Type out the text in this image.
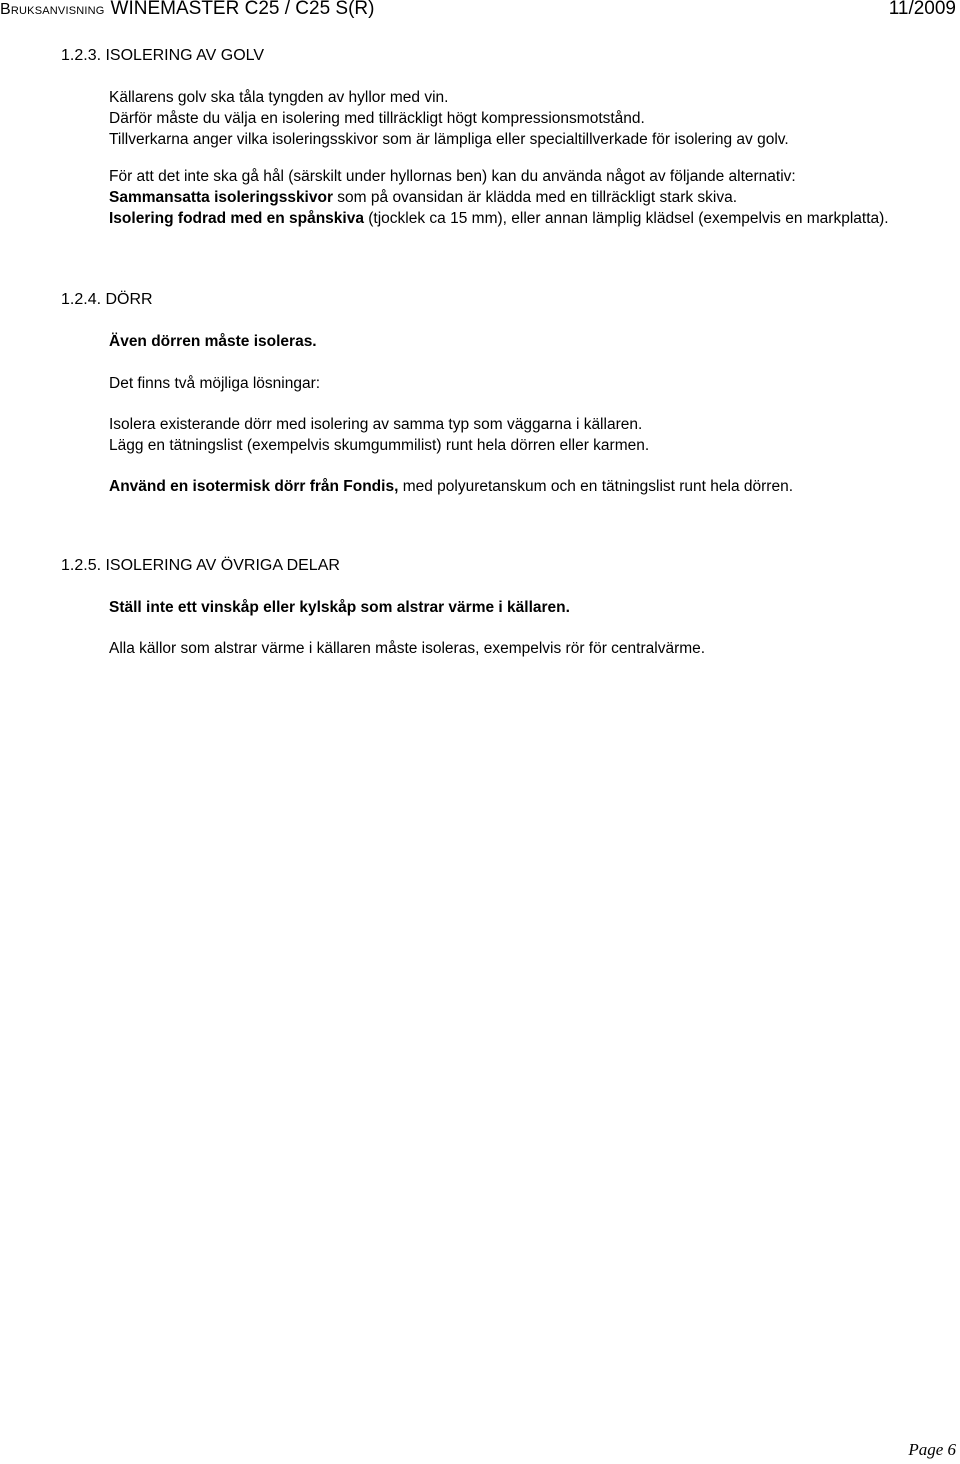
Bruksanvisning WINEMASTER C25 / C25 S(R)	11/2009
1.2.3. ISOLERING AV GOLV
Källarens golv ska tåla tyngden av hyllor med vin.
Därför måste du välja en isolering med tillräckligt högt kompressionsmotstånd.
Tillverkarna anger vilka isoleringsskivor som är lämpliga eller specialtillverkade för isolering av golv.
För att det inte ska gå hål (särskilt under hyllornas ben) kan du använda något av följande alternativ:
Sammansatta isoleringsskivor som på ovansidan är klädda med en tillräckligt stark skiva.
Isolering fodrad med en spånskiva (tjocklek ca 15 mm), eller annan lämplig klädsel (exempelvis en markplatta).
1.2.4. DÖRR
Även dörren måste isoleras.
Det finns två möjliga lösningar:
Isolera existerande dörr med isolering av samma typ som väggarna i källaren.
Lägg en tätningslist (exempelvis skumgummilist) runt hela dörren eller karmen.
Använd en isotermisk dörr från Fondis, med polyuretanskum och en tätningslist runt hela dörren.
1.2.5. ISOLERING AV ÖVRIGA DELAR
Ställ inte ett vinskåp eller kylskåp som alstrar värme i källaren.
Alla källor som alstrar värme i källaren måste isoleras, exempelvis rör för centralvärme.
Page 6
